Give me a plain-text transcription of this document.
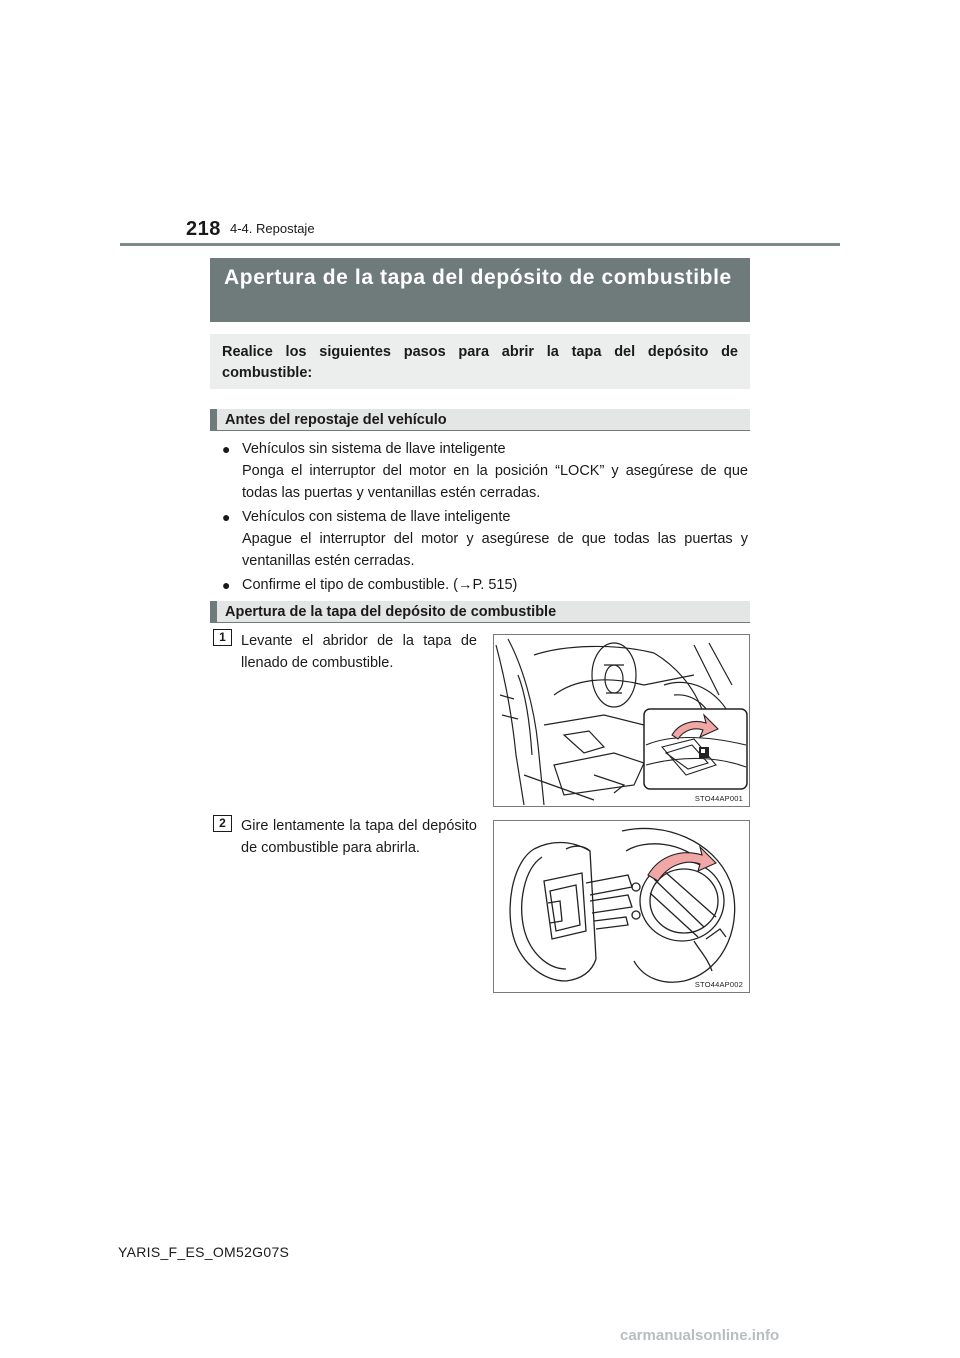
218 4-4. Repostaje
Apertura de la tapa del depósito de combustible
Realice los siguientes pasos para abrir la tapa del depósito de combustible:
Antes del repostaje del vehículo
● Vehículos sin sistema de llave inteligente
Ponga el interruptor del motor en la posición “LOCK” y asegúrese de que todas las puertas y ventanillas estén cerradas.
● Vehículos con sistema de llave inteligente
Apague el interruptor del motor y asegúrese de que todas las puertas y ventanillas estén cerradas.
● Confirme el tipo de combustible. (→P. 515)
Apertura de la tapa del depósito de combustible
1	Levante el abridor de la tapa de llenado de combustible.
STO44AP001
2	Gire lentamente la tapa del depósito de combustible para abrirla.
STO44AP002
YARIS_F_ES_OM52G07S
carmanualsonline.info
